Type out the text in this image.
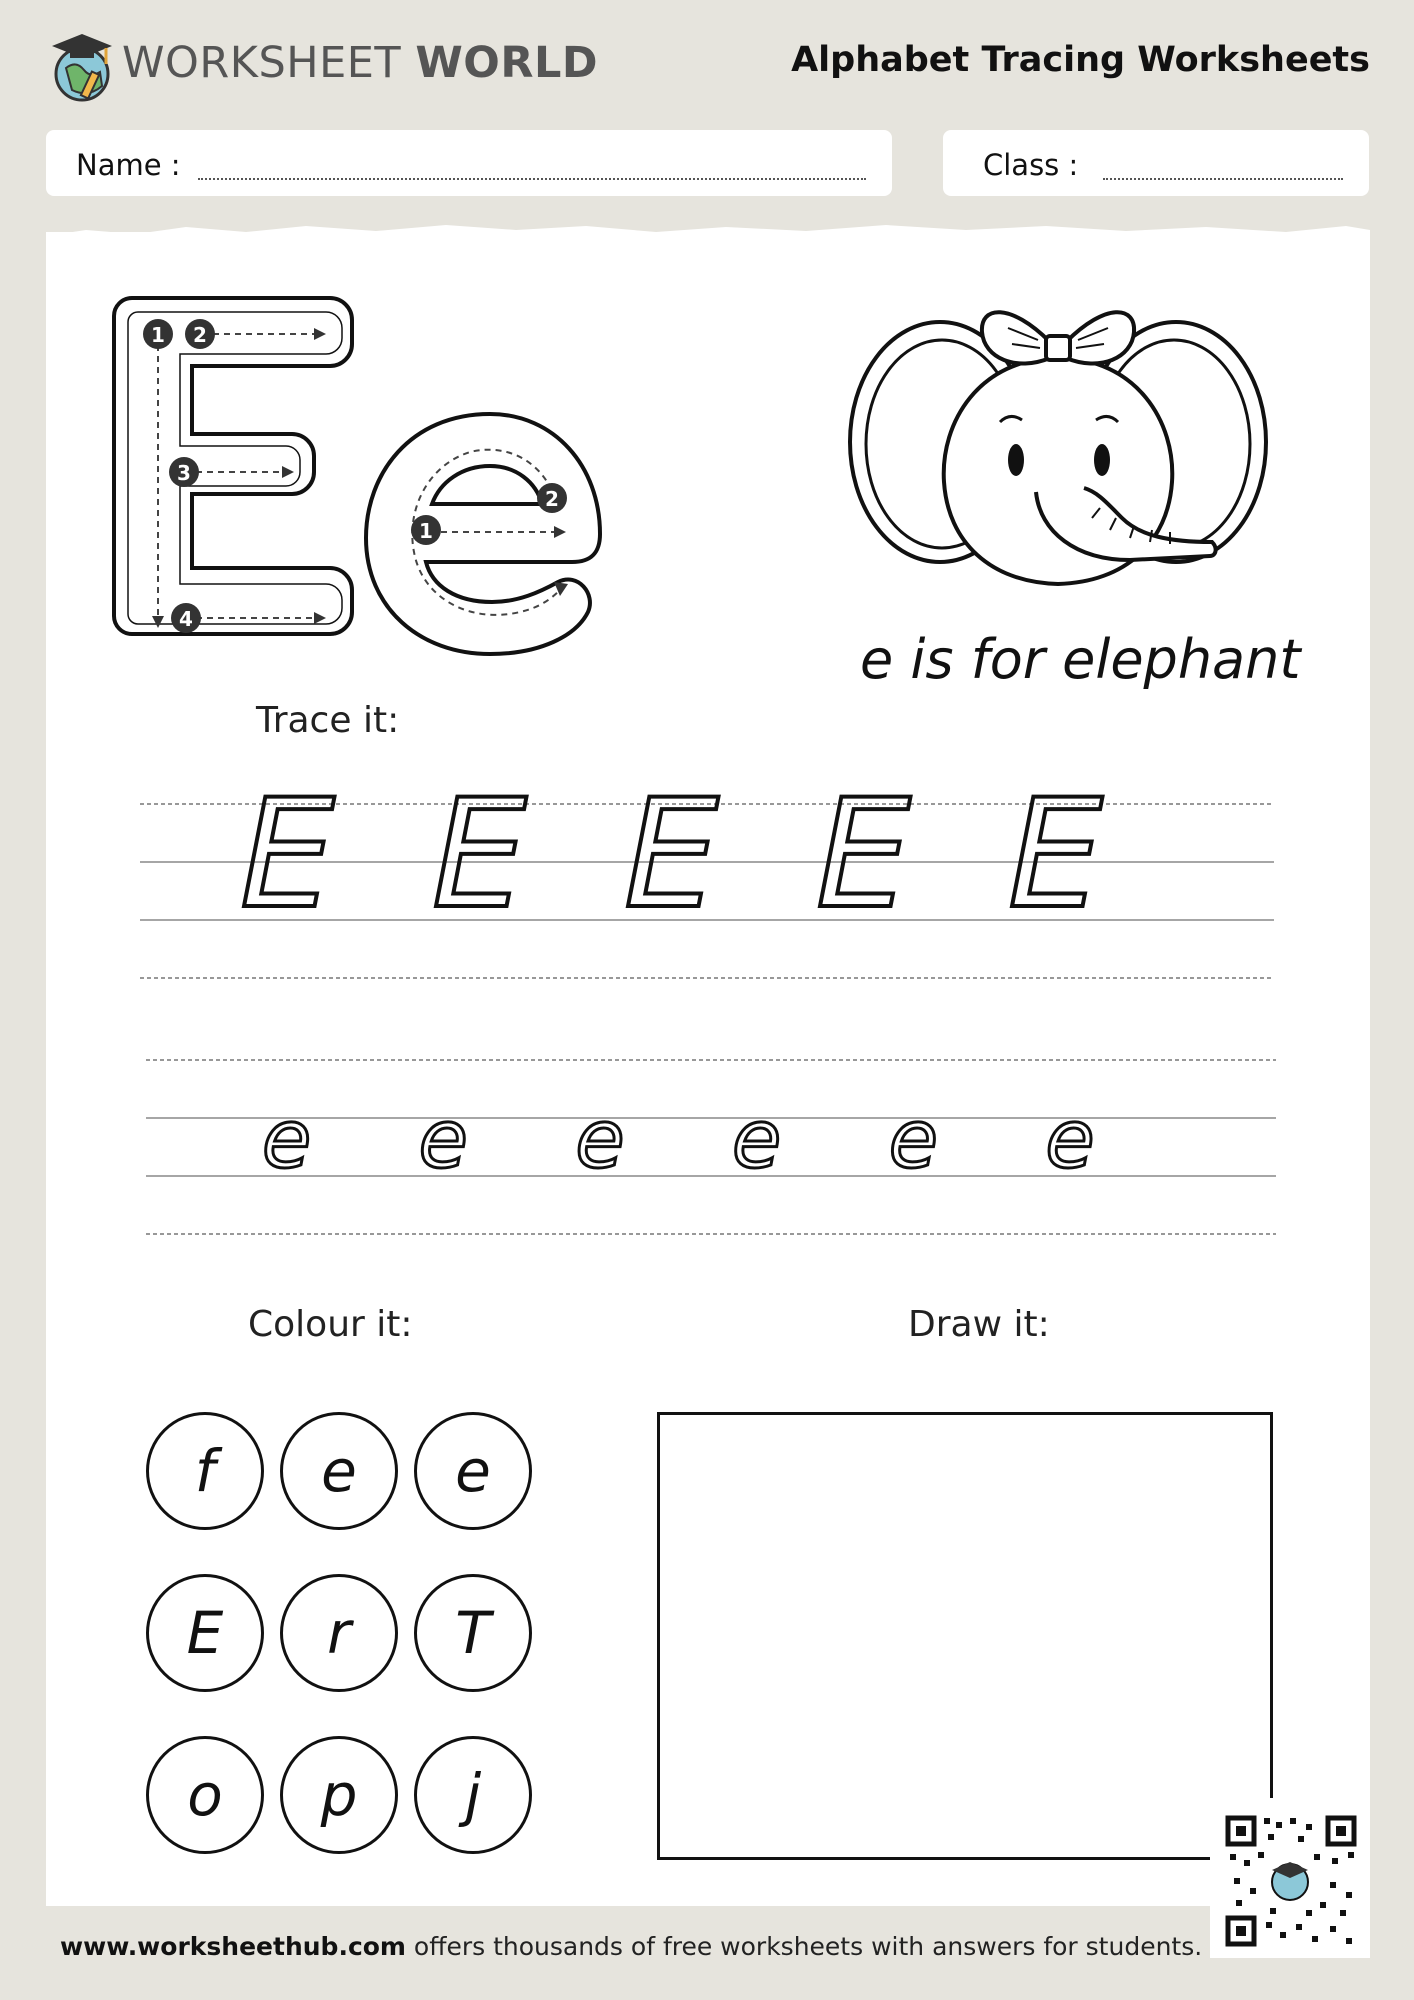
WORKSHEET WORLD	Alphabet Tracing Worksheets
Name :	Class :
1 2
3
4
1
2
e is for elephant
Trace it:
E E E E E
e	e	e	e	e	e
Colour it:	Draw it:
f	e	e
E	r	T
o	p	j
www.worksheethub.com offers thousands of free worksheets with answers for students.
